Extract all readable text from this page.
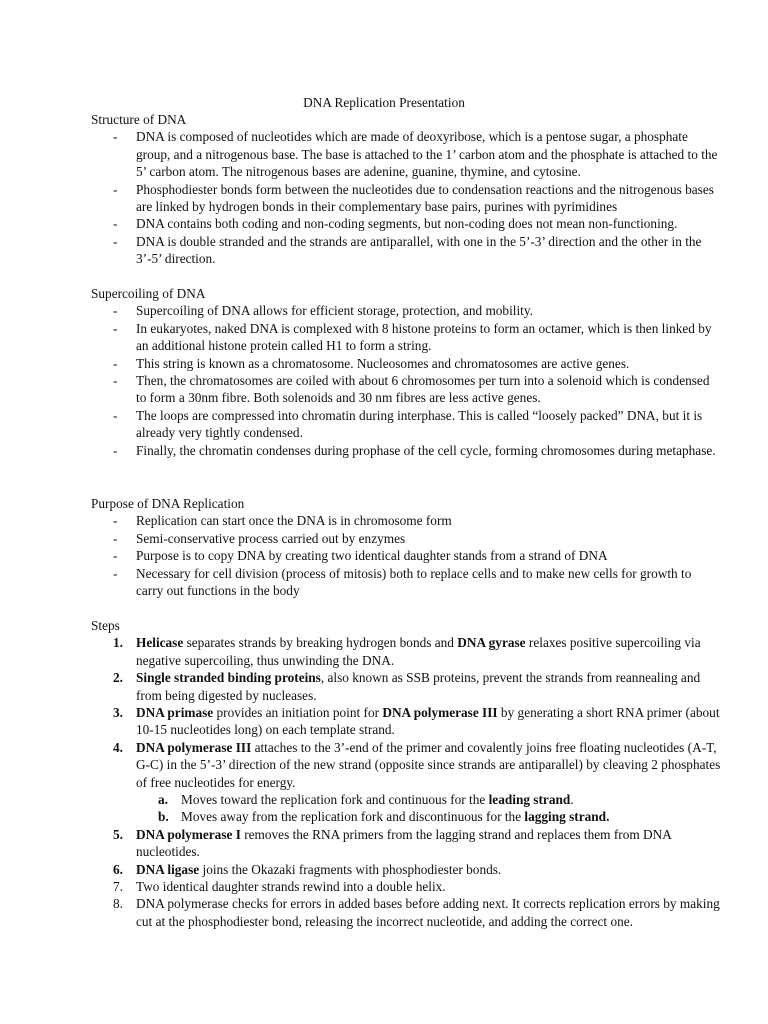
DNA Replication Presentation
Structure of DNA
- DNA is composed of nucleotides which are made of deoxyribose, which is a pentose sugar, a phosphate group, and a nitrogenous base. The base is attached to the 1’ carbon atom and the phosphate is attached to the 5’ carbon atom. The nitrogenous bases are adenine, guanine, thymine, and cytosine.
- Phosphodiester bonds form between the nucleotides due to condensation reactions and the nitrogenous bases are linked by hydrogen bonds in their complementary base pairs, purines with pyrimidines
- DNA contains both coding and non-coding segments, but non-coding does not mean non-functioning.
- DNA is double stranded and the strands are antiparallel, with one in the 5’-3’ direction and the other in the 3’-5’ direction.
Supercoiling of DNA
- Supercoiling of DNA allows for efficient storage, protection, and mobility.
- In eukaryotes, naked DNA is complexed with 8 histone proteins to form an octamer, which is then linked by an additional histone protein called H1 to form a string.
- This string is known as a chromatosome. Nucleosomes and chromatosomes are active genes.
- Then, the chromatosomes are coiled with about 6 chromosomes per turn into a solenoid which is condensed to form a 30nm fibre. Both solenoids and 30 nm fibres are less active genes.
- The loops are compressed into chromatin during interphase. This is called “loosely packed” DNA, but it is already very tightly condensed.
- Finally, the chromatin condenses during prophase of the cell cycle, forming chromosomes during metaphase.
Purpose of DNA Replication
- Replication can start once the DNA is in chromosome form
- Semi-conservative process carried out by enzymes
- Purpose is to copy DNA by creating two identical daughter stands from a strand of DNA
- Necessary for cell division (process of mitosis) both to replace cells and to make new cells for growth to carry out functions in the body
Steps
1. Helicase separates strands by breaking hydrogen bonds and DNA gyrase relaxes positive supercoiling via negative supercoiling, thus unwinding the DNA.
2. Single stranded binding proteins, also known as SSB proteins, prevent the strands from reannealing and from being digested by nucleases.
3. DNA primase provides an initiation point for DNA polymerase III by generating a short RNA primer (about 10-15 nucleotides long) on each template strand.
4. DNA polymerase III attaches to the 3’-end of the primer and covalently joins free floating nucleotides (A-T, G-C) in the 5’-3’ direction of the new strand (opposite since strands are antiparallel) by cleaving 2 phosphates of free nucleotides for energy.
a. Moves toward the replication fork and continuous for the leading strand.
b. Moves away from the replication fork and discontinuous for the lagging strand.
5. DNA polymerase I removes the RNA primers from the lagging strand and replaces them from DNA nucleotides.
6. DNA ligase joins the Okazaki fragments with phosphodiester bonds.
7. Two identical daughter strands rewind into a double helix.
8. DNA polymerase checks for errors in added bases before adding next. It corrects replication errors by making cut at the phosphodiester bond, releasing the incorrect nucleotide, and adding the correct one.
